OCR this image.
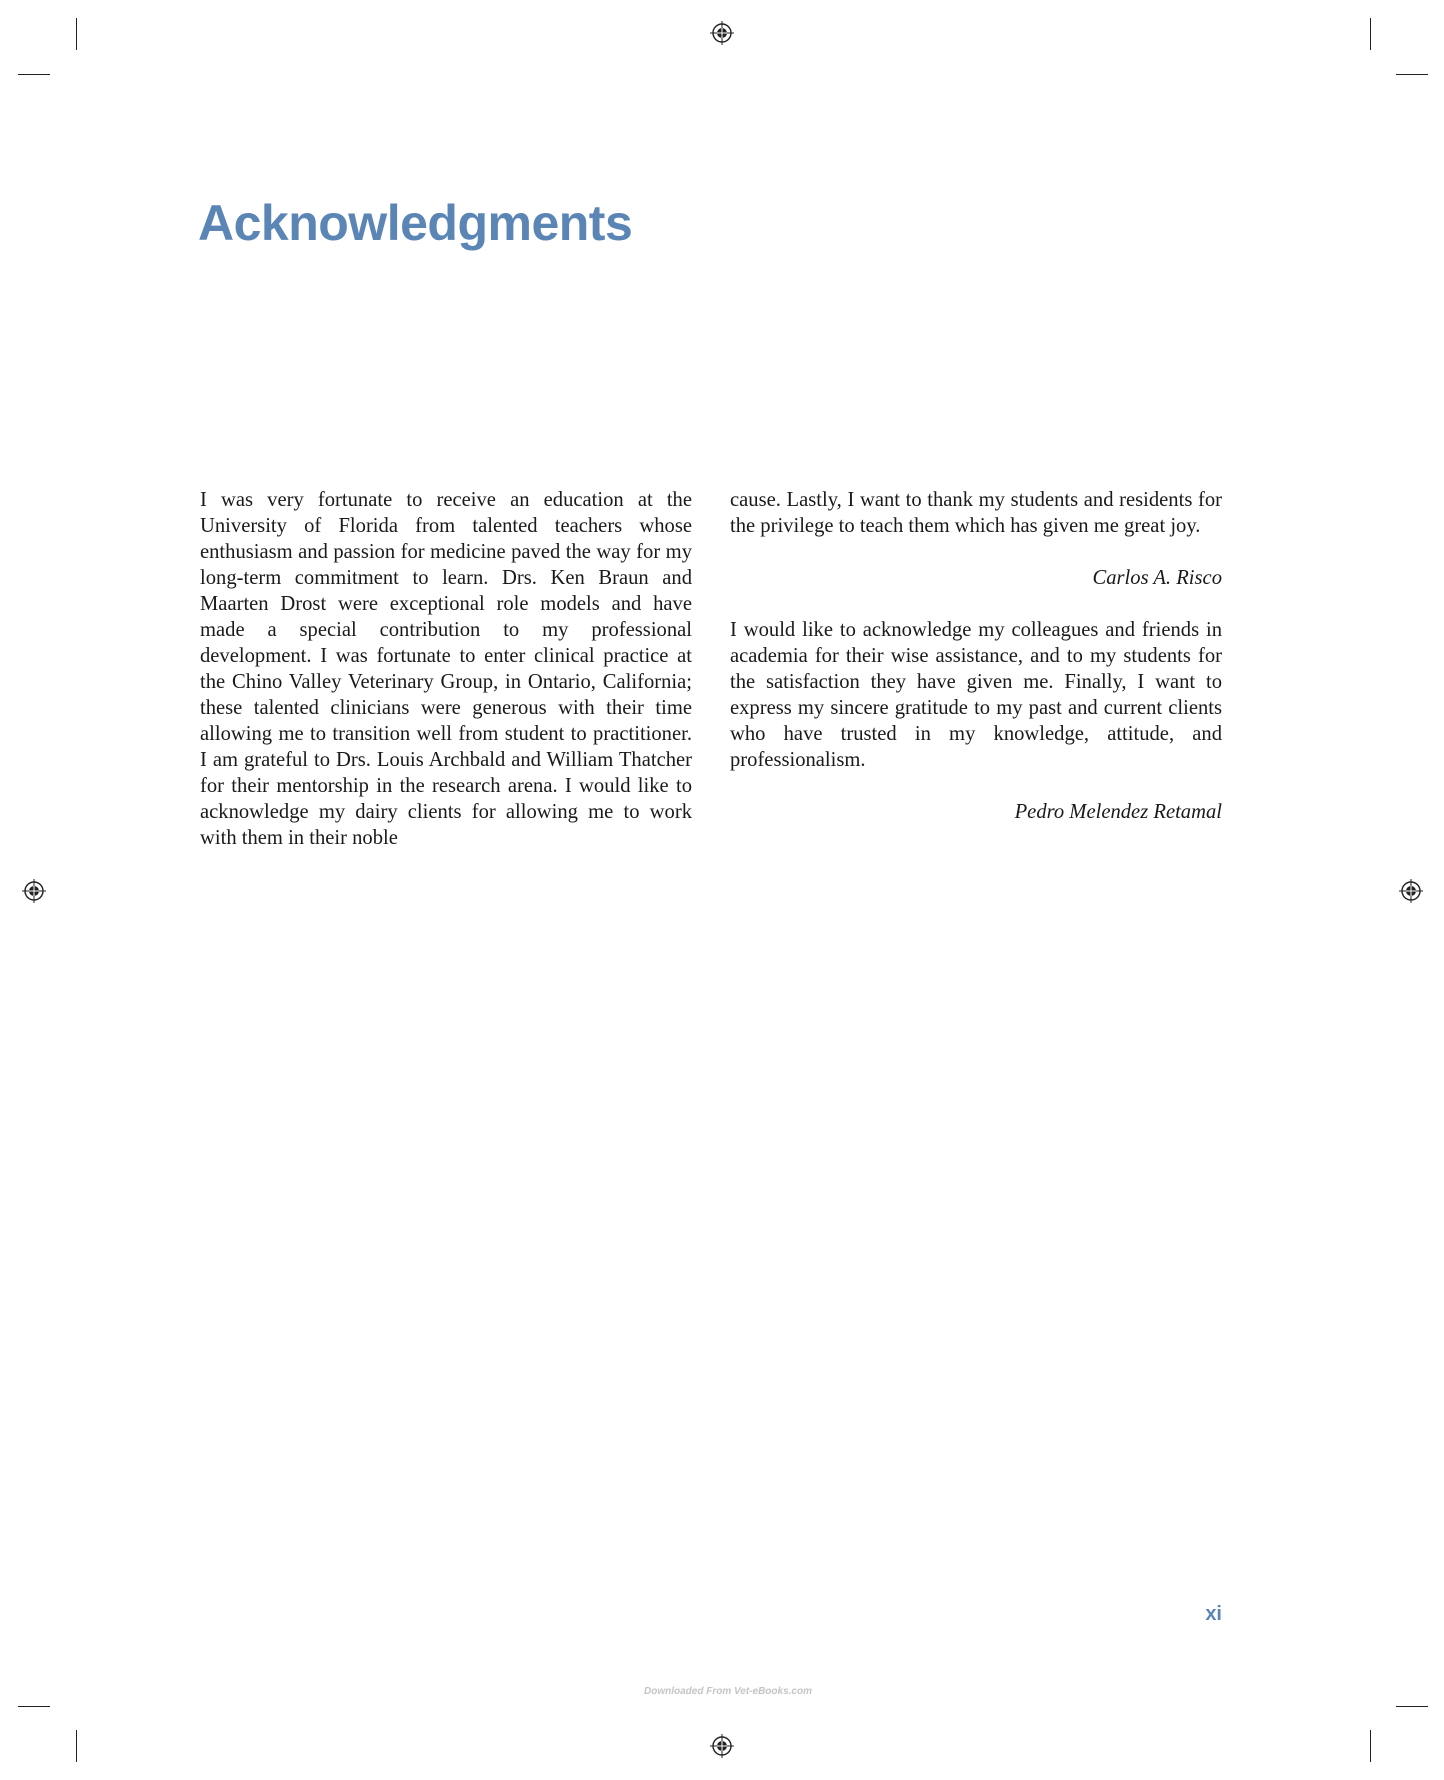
Acknowledgments

I was very fortunate to receive an education at the University of Florida from talented teachers whose enthusiasm and passion for medicine paved the way for my long-term commitment to learn. Drs. Ken Braun and Maarten Drost were exceptional role models and have made a special contribution to my professional development. I was fortunate to enter clinical practice at the Chino Valley Veterinary Group, in Ontario, California; these talented clinicians were generous with their time allowing me to transition well from student to practitioner. I am grateful to Drs. Louis Archbald and William Thatcher for their mentorship in the research arena. I would like to acknowledge my dairy clients for allowing me to work with them in their noble

cause. Lastly, I want to thank my students and residents for the privilege to teach them which has given me great joy.

Carlos A. Risco

I would like to acknowledge my colleagues and friends in academia for their wise assistance, and to my students for the satisfaction they have given me. Finally, I want to express my sincere gratitude to my past and current clients who have trusted in my knowledge, attitude, and professionalism.

Pedro Melendez Retamal

xi
Downloaded From Vet-eBooks.com
